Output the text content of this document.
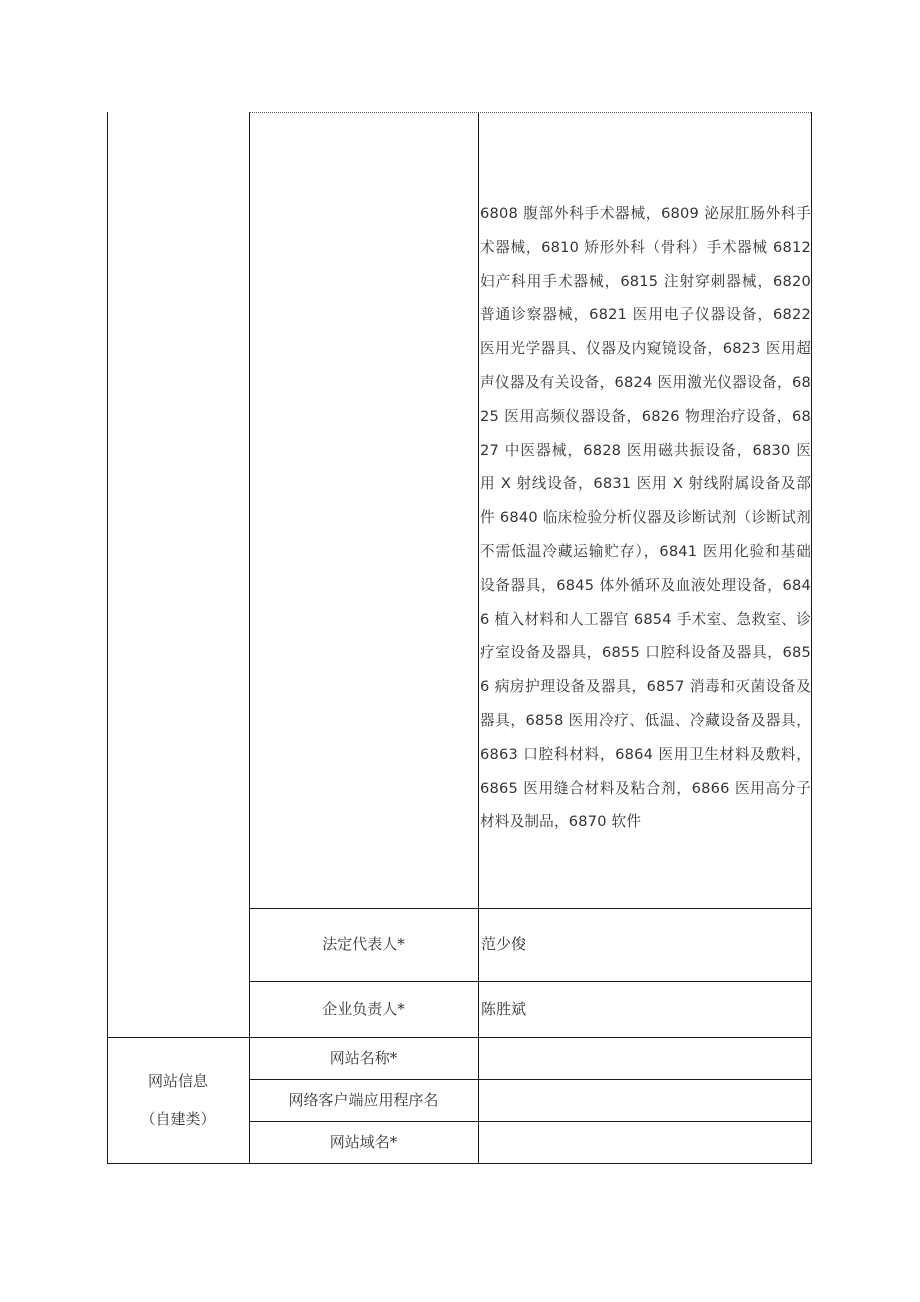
6808 腹部外科手术器械，6809 泌尿肛肠外科手术器械，6810 矫形外科（骨科）手术器械 6812 妇产科用手术器械，6815 注射穿刺器械，6820 普通诊察器械，6821 医用电子仪器设备，6822 医用光学器具、仪器及内窥镜设备，6823 医用超声仪器及有关设备，6824 医用激光仪器设备，6825 医用高频仪器设备，6826 物理治疗设备，6827 中医器械，6828 医用磁共振设备，6830 医用 X 射线设备，6831 医用 X 射线附属设备及部件 6840 临床检验分析仪器及诊断试剂（诊断试剂不需低温冷藏运输贮存），6841 医用化验和基础设备器具，6845 体外循环及血液处理设备，6846 植入材料和人工器官 6854 手术室、急救室、诊疗室设备及器具，6855 口腔科设备及器具，6856 病房护理设备及器具，6857 消毒和灭菌设备及器具，6858 医用冷疗、低温、冷藏设备及器具，6863 口腔科材料，6864 医用卫生材料及敷料，6865 医用缝合材料及粘合剂，6866 医用高分子材料及制品，6870 软件
法定代表人*	范少俊
企业负责人*	陈胜斌
网站信息
（自建类）
网站名称*
网络客户端应用程序名
网站域名*
